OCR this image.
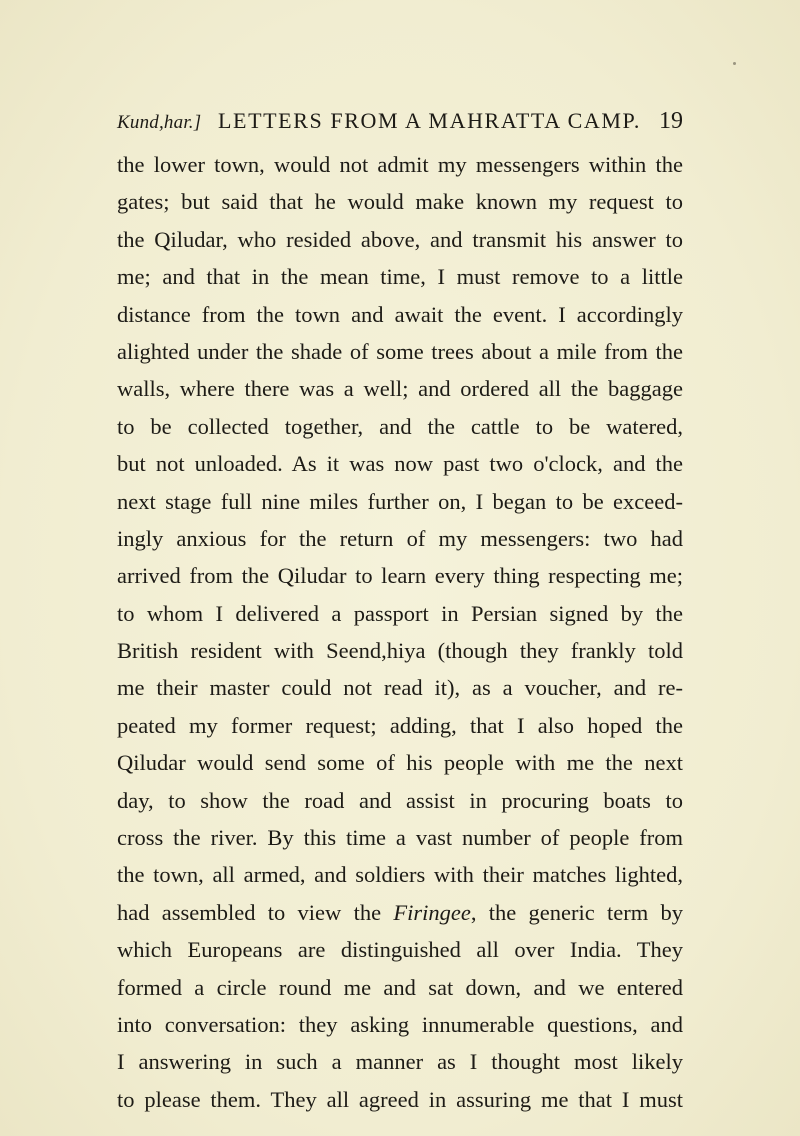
Kund,har.] LETTERS FROM A MAHRATTA CAMP. 19
the lower town, would not admit my messengers within the
gates; but said that he would make known my request to
the Qiludar, who resided above, and transmit his answer to
me; and that in the mean time, I must remove to a little
distance from the town and await the event. I accordingly
alighted under the shade of some trees about a mile from the
walls, where there was a well; and ordered all the baggage
to be collected together, and the cattle to be watered,
but not unloaded. As it was now past two o'clock, and the
next stage full nine miles further on, I began to be exceed-
ingly anxious for the return of my messengers: two had
arrived from the Qiludar to learn every thing respecting me;
to whom I delivered a passport in Persian signed by the
British resident with Seend,hiya (though they frankly told
me their master could not read it), as a voucher, and re-
peated my former request; adding, that I also hoped the
Qiludar would send some of his people with me the next
day, to show the road and assist in procuring boats to
cross the river. By this time a vast number of people from
the town, all armed, and soldiers with their matches lighted,
had assembled to view the Firingee, the generic term by
which Europeans are distinguished all over India. They
formed a circle round me and sat down, and we entered
into conversation: they asking innumerable questions, and
I answering in such a manner as I thought most likely
to please them. They all agreed in assuring me that I must
